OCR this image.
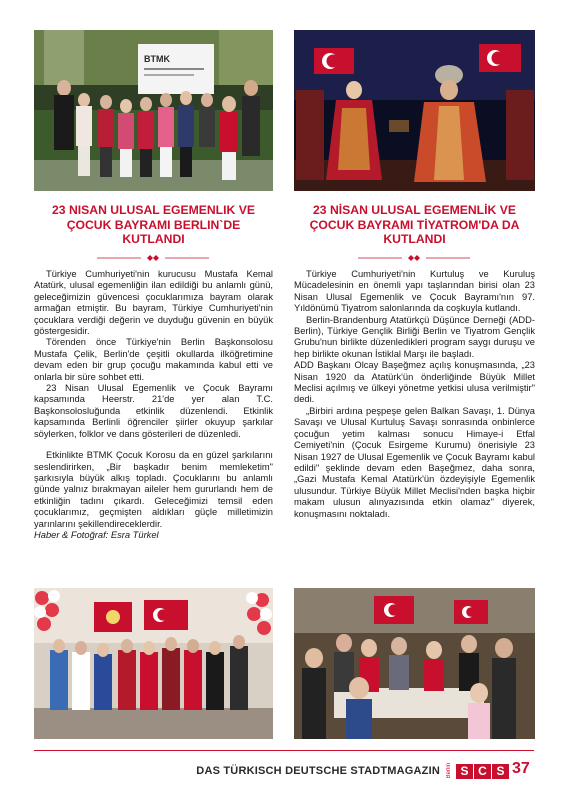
BTMK
23 NISAN ULUSAL EGEMENLIK VE ÇOCUK BAYRAMI BERLIN`DE KUTLANDI
23 NİSAN ULUSAL EGEMENLİK VE ÇOCUK BAYRAMI TİYATROM'DA DA KUTLANDI

Türkiye Cumhuriyeti'nin kurucusu Mustafa Kemal Atatürk, ulusal egemenliğin ilan edildiği bu anlamlı günü, geleceğimizin güvencesi çocuklarımıza bayram olarak armağan etmiştir. Bu bayram, Türkiye Cumhuriyeti'nin çocuklara verdiği değerin ve duyduğu güvenin en büyük göstergesidir.

Törenden önce Türkiye'nin Berlin Başkonsolosu Mustafa Çelik, Berlin'de çeşitli okullarda ilköğretimine devam eden bir grup çocuğu makamında kabul etti ve onlarla bir süre sohbet etti.

23 Nisan Ulusal Egemenlik ve Çocuk Bayramı kapsamında Heerstr. 21'de yer alan T.C. Başkonsolosluğunda etkinlik düzenlendi. Etkinlik kapsamında Berlinli öğrenciler şiirler okuyup şarkılar söylerken, folklor ve dans gösterileri de düzenledi.

Etkinlikte BTMK Çocuk Korosu da en güzel şarkılarını seslendirirken, „Bir başkadır benim memleketim" şarkısıyla büyük alkış topladı. Çocuklarını bu anlamlı günde yalnız bırakmayan aileler hem gururlandı hem de etkinliğin tadını çıkardı. Geleceğimizi temsil eden çocuklarımız, geçmişten aldıkları güçle milletimizin yarınlarını şekillendireceklerdir.

Haber & Fotoğraf: Esra Türkel

Türkiye Cumhuriyeti'nin Kurtuluş ve Kuruluş Mücadelesinin en önemli yapı taşlarından birisi olan 23 Nisan Ulusal Egemenlik ve Çocuk Bayramı'nın 97. Yıldönümü Tiyatrom salonlarında da coşkuyla kutlandı.

Berlin-Brandenburg Atatürkçü Düşünce Derneği (ADD-Berlin), Türkiye Gençlik Birliği Berlin ve Tiyatrom Gençlik Grubu'nun birlikte düzenledikleri program saygı duruşu ve hep birlikte okunan İstiklal Marşı ile başladı.

ADD Başkanı Olcay Başeğmez açılış konuşmasında, „23 Nisan 1920 da Atatürk'ün önderliğinde Büyük Millet Meclisi açılmış ve ülkeyi yönetme yetkisi ulusa verilmiştir" dedi.

„Birbiri ardına peşpeşe gelen Balkan Savaşı, 1. Dünya Savaşı ve Ulusal Kurtuluş Savaşı sonrasında onbinlerce çocuğun yetim kalması sonucu Himaye-i Etfal Cemiyeti'nin (Çocuk Esirgeme Kurumu) önerisiyle 23 Nisan 1927 de Ulusal Egemenlik ve Çocuk Bayramı kabul edildi" şeklinde devam eden Başeğmez, daha sonra, „Gazi Mustafa Kemal Atatürk'ün özdeyişiyle Egemenlik ulusundur. Türkiye Büyük Millet Meclisi'nden başka hiçbir makam ulusun alınyazısında etkin olamaz" diyerek, konuşmasını noktaladı.

DAS TÜRKISCH DEUTSCHE STADTMAGAZIN Berlin S C S 37
